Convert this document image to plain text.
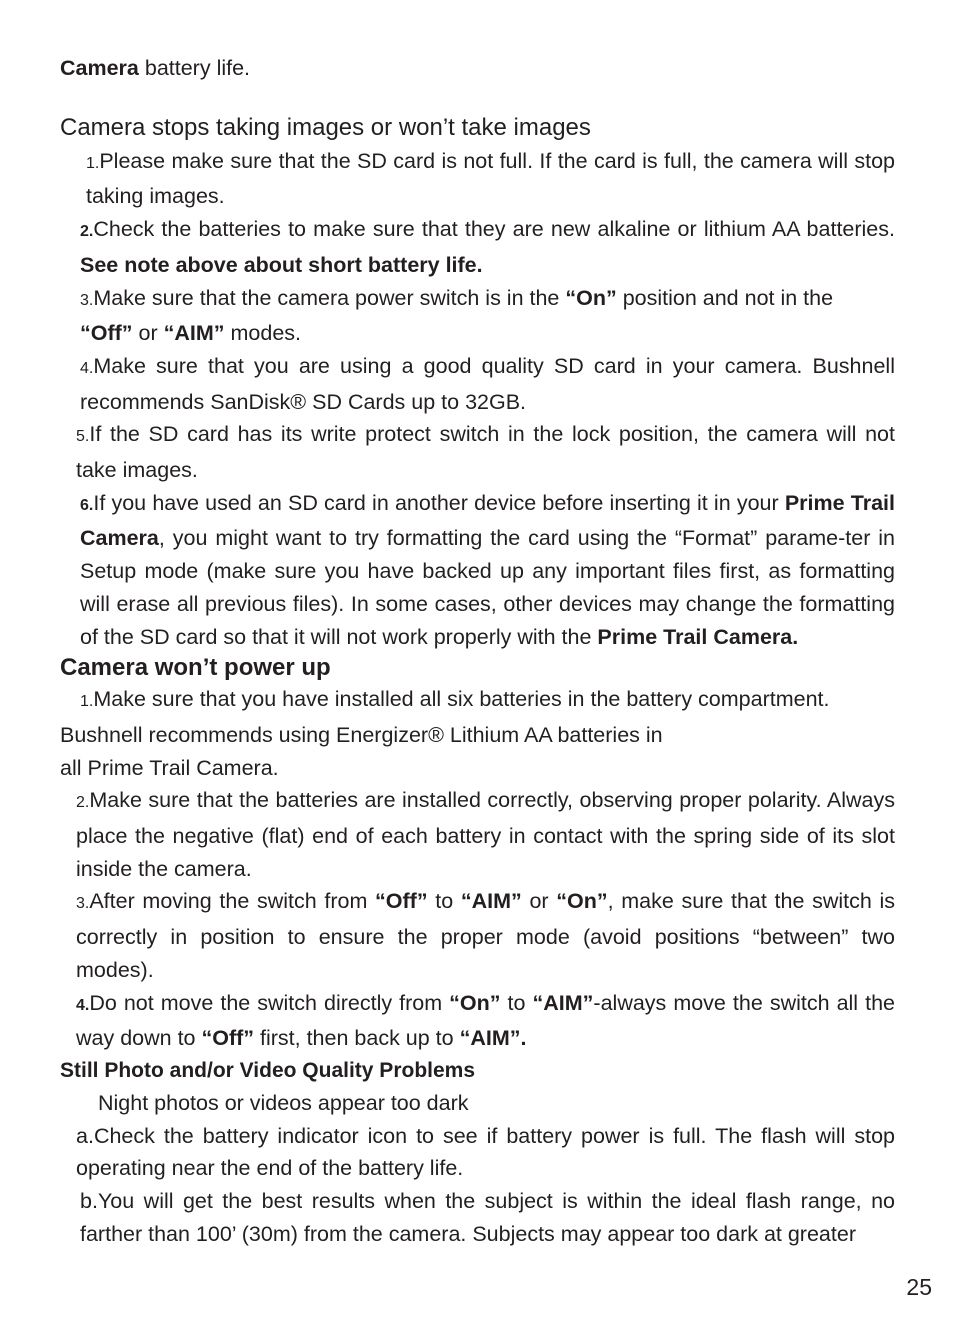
Camera battery life.

Camera stops taking images or won’t take images

1.Please make sure that the SD card is not full. If the card is full, the camera will stop taking images.

2.Check the batteries to make sure that they are new alkaline or lithium AA batteries. See note above about short battery life.

3.Make sure that the camera power switch is in the “On” position and not in the
“Off” or “AIM” modes.

4.Make sure that you are using a good quality SD card in your camera. Bushnell recommends SanDisk® SD Cards up to 32GB.

5.If the SD card has its write protect switch in the lock position, the camera will not take images.

6.If you have used an SD card in another device before inserting it in your Prime Trail Camera, you might want to try formatting the card using the “Format” parame-ter in Setup mode (make sure you have backed up any important files first, as formatting will erase all previous files). In some cases, other devices may change the formatting of the SD card so that it will not work properly with the Prime Trail Camera.

Camera won’t power up

1.Make sure that you have installed all six batteries in the battery compartment.
Bushnell recommends using Energizer® Lithium AA batteries in
all Prime Trail Camera.

2.Make sure that the batteries are installed correctly, observing proper polarity. Always place the negative (flat) end of each battery in contact with the spring side of its slot inside the camera.

3.After moving the switch from “Off” to “AIM” or “On”, make sure that the switch is correctly in position to ensure the proper mode (avoid positions “between” two modes).

4.Do not move the switch directly from “On” to “AIM”-always move the switch all the way down to “Off” first, then back up to “AIM”.

Still Photo and/or Video Quality Problems

Night photos or videos appear too dark

a.Check the battery indicator icon to see if battery power is full. The flash will stop operating near the end of the battery life.

b.You will get the best results when the subject is within the ideal flash range, no farther than 100’ (30m) from the camera. Subjects may appear too dark at greater

25
